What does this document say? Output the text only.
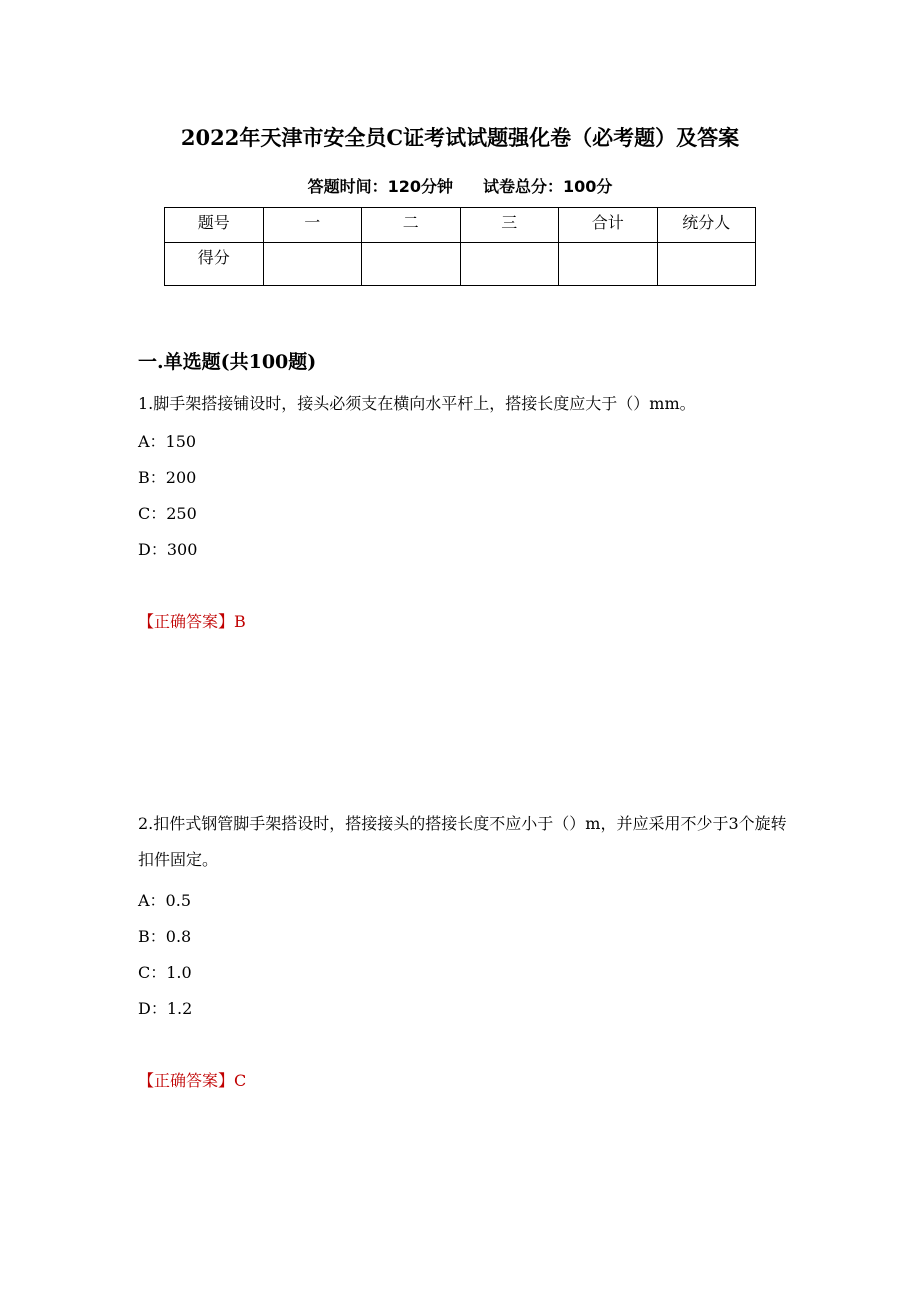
2022年天津市安全员C证考试试题强化卷（必考题）及答案
答题时间：120分钟 试卷总分：100分
题号	一	二	三	合计	统分人
得分					
一.单选题(共100题)
1.脚手架搭接铺设时，接头必须支在横向水平杆上，搭接长度应大于（）mm。
A：150
B：200
C：250
D：300
【正确答案】B
2.扣件式钢管脚手架搭设时，搭接接头的搭接长度不应小于（）m，并应采用不少于3个旋转扣件固定。
A：0.5
B：0.8
C：1.0
D：1.2
【正确答案】C
